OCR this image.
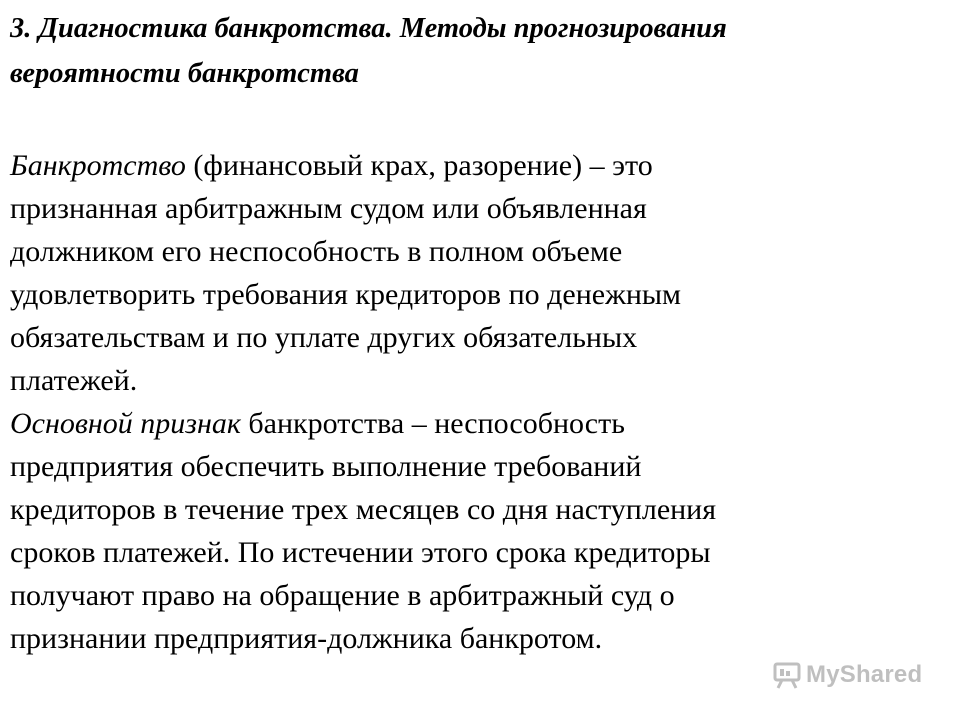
3. Диагностика банкротства. Методы прогнозирования
вероятности банкротства

Банкротство (финансовый крах, разорение) – это
признанная арбитражным судом или объявленная
должником его неспособность в полном объеме
удовлетворить требования кредиторов по денежным
обязательствам и по уплате других обязательных
платежей.

Основной признак банкротства – неспособность
предприятия обеспечить выполнение требований
кредиторов в течение трех месяцев со дня наступления
сроков платежей. По истечении этого срока кредиторы
получают право на обращение в арбитражный суд о
признании предприятия-должника банкротом.

MyShared
